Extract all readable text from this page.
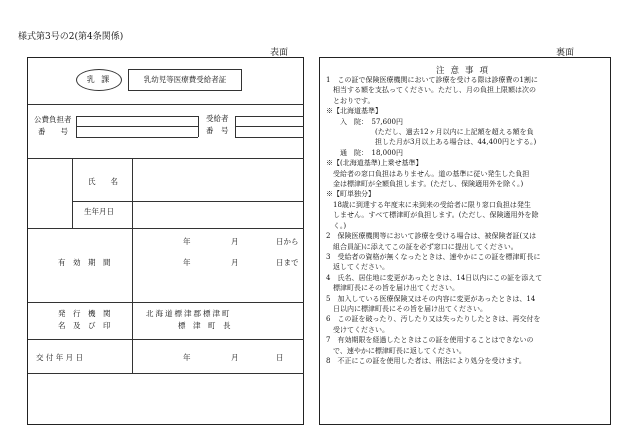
様式第3号の2(第4条関係)
表面	裏面
乳 課	乳幼児等医療費受給者証
公費負担者
番　　号
受給者
番　号
氏　　名
生年月日
有　効　期　間
年	月	日から
年	月	日まで
発　行　機　関
名　及　び　印
北海道標津郡標津町
標　津　町　長
交 付 年 月 日	年	月	日
注意事項
1　この証で保険医療機関において診療を受ける際は診療費の1割に
　相当する額を支払ってください。ただし、月の負担上限額は次の
　とおりです。
※【北海道基準】
　　入　院：　57,600円
　　　　　　　(ただし、過去12ヶ月以内に上記額を超える額を負
　　　　　　　担した月が3月以上ある場合は、44,400円とする。)
　　通　院：　18,000円
※【(北海道基準)上乗せ基準】
　受給者の窓口負担はありません。道の基準に従い発生した負担
　金は標津町が全額負担します。(ただし、保険適用外を除く。)
※【町単独分】
　18歳に到達する年度末に未到来の受給者に限り窓口負担は発生
　しません。すべて標津町が負担します。(ただし、保険適用外を除
　く。)
2　保険医療機関等において診療を受ける場合は、被保険者証(又は
　組合員証)に添えてこの証を必ず窓口に提出してください。
3　受給者の資格が無くなったときは、速やかにこの証を標津町長に
　返してください。
4　氏名、居住地に変更があったときは、14日以内にこの証を添えて
　標津町長にその旨を届け出てください。
5　加入している医療保険又はその内容に変更があったときは、14
　日以内に標津町長にその旨を届け出てください。
6　この証を破ったり、汚したり又は失ったりしたときは、再交付を
　受けてください。
7　有効期限を経過したときはこの証を使用することはできないの
　で、速やかに標津町長に返してください。
8　不正にこの証を使用した者は、刑法により処分を受けます。
